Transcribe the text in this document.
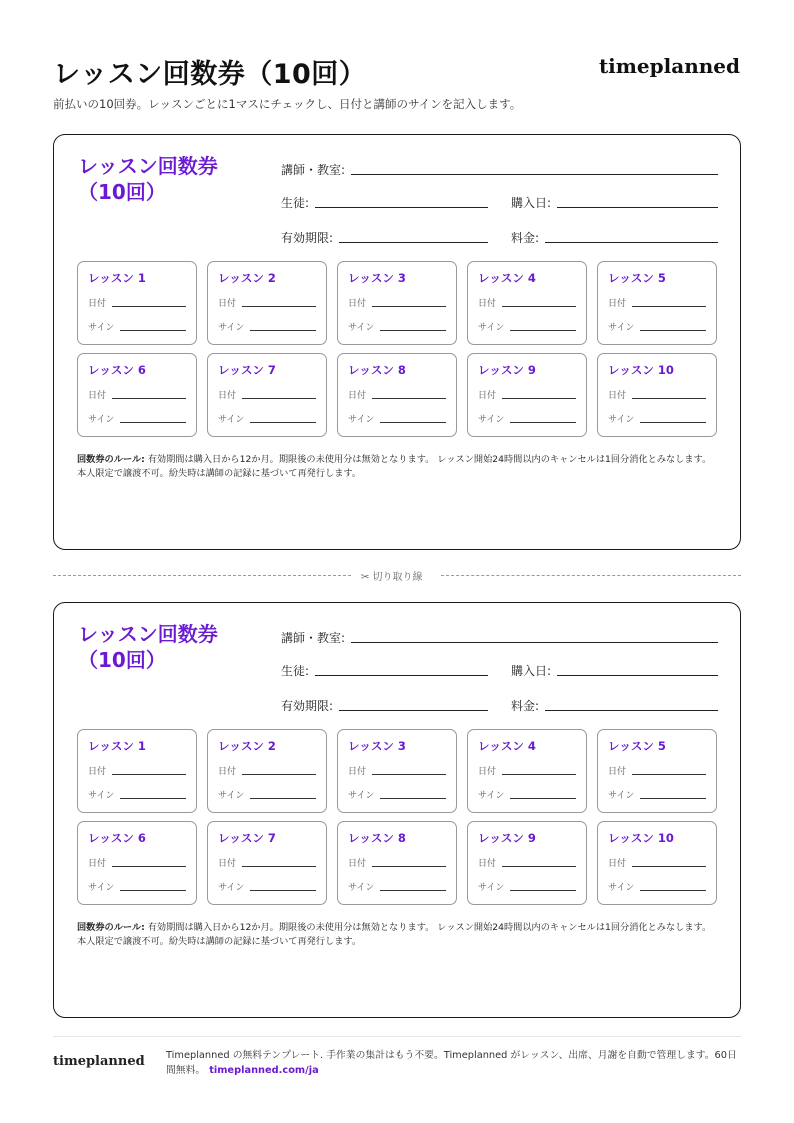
レッスン回数券（10回）	timeplanned
前払いの10回券。レッスンごとに1マスにチェックし、日付と講師のサインを記入します。
レッスン回数券
（10回）
講師・教室:
生徒:	購入日:
有効期限:	料金:
レッスン 1
日付
サイン
レッスン 2
日付
サイン
レッスン 3
日付
サイン
レッスン 4
日付
サイン
レッスン 5
日付
サイン
レッスン 6
日付
サイン
レッスン 7
日付
サイン
レッスン 8
日付
サイン
レッスン 9
日付
サイン
レッスン 10
日付
サイン
回数券のルール: 有効期間は購入日から12か月。期限後の未使用分は無効となります。 レッスン開始24時間以内のキャンセルは1回分消化とみなします。 本人限定で譲渡不可。紛失時は講師の記録に基づいて再発行します。
✂ 切り取り線
レッスン回数券
（10回）
講師・教室:
生徒:	購入日:
有効期限:	料金:
レッスン 1
日付
サイン
レッスン 2
日付
サイン
レッスン 3
日付
サイン
レッスン 4
日付
サイン
レッスン 5
日付
サイン
レッスン 6
日付
サイン
レッスン 7
日付
サイン
レッスン 8
日付
サイン
レッスン 9
日付
サイン
レッスン 10
日付
サイン
回数券のルール: 有効期間は購入日から12か月。期限後の未使用分は無効となります。 レッスン開始24時間以内のキャンセルは1回分消化とみなします。 本人限定で譲渡不可。紛失時は講師の記録に基づいて再発行します。
timeplanned Timeplanned の無料テンプレート. 手作業の集計はもう不要。Timeplanned がレッスン、出席、月謝を自動で管理します。60日間無料。 timeplanned.com/ja
